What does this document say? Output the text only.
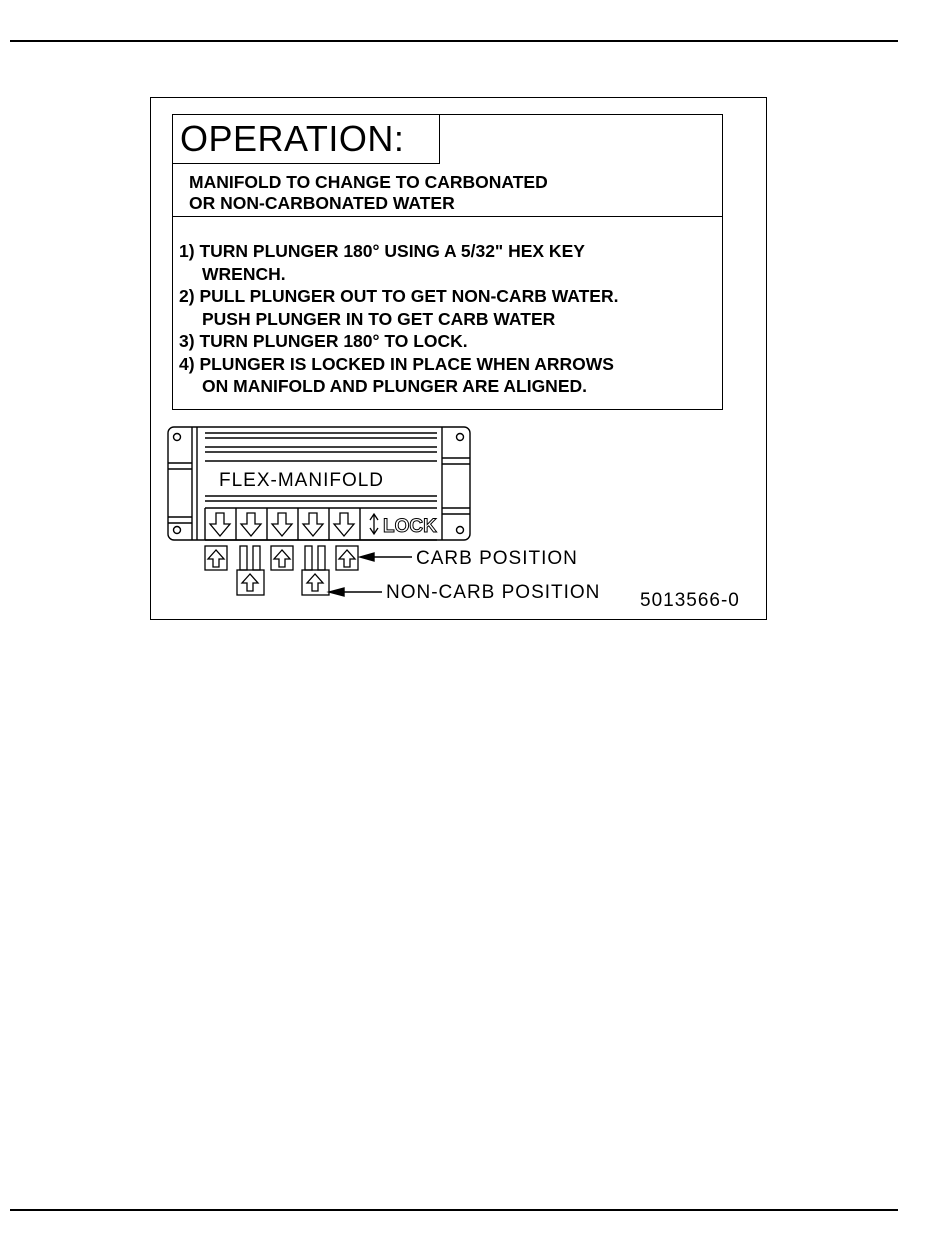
OPERATION:
MANIFOLD TO CHANGE TO CARBONATED
OR NON-CARBONATED WATER
1) TURN PLUNGER 180° USING A 5/32" HEX KEY
WRENCH.
2) PULL PLUNGER OUT TO GET NON-CARB WATER.
PUSH PLUNGER IN TO GET CARB WATER
3) TURN PLUNGER 180° TO LOCK.
4) PLUNGER IS LOCKED IN PLACE WHEN ARROWS
ON MANIFOLD AND PLUNGER ARE ALIGNED.
LOCK
FLEX-MANIFOLD
CARB POSITION
NON-CARB POSITION 5013566-0
